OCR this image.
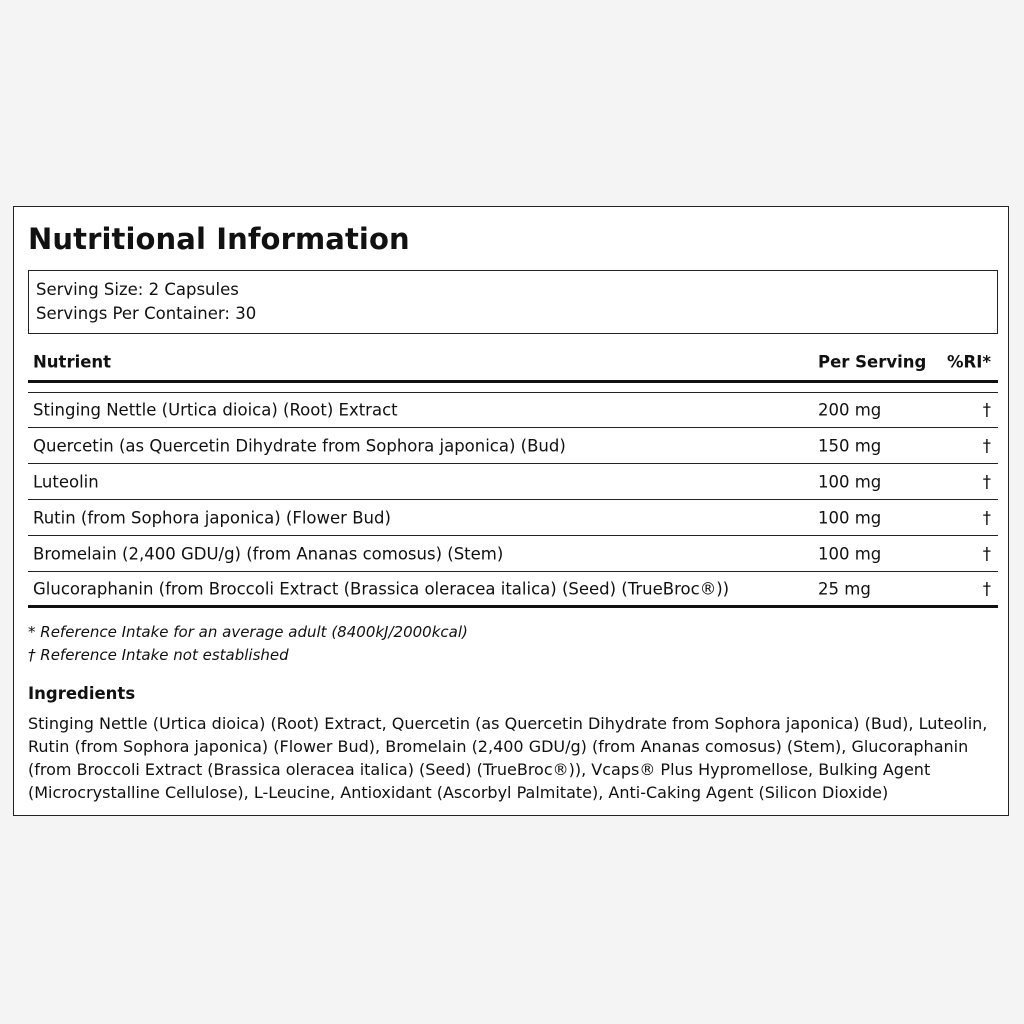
Nutritional Information
Serving Size: 2 Capsules
Servings Per Container: 30
Nutrient	Per Serving %RI*
Stinging Nettle (Urtica dioica) (Root) Extract	200 mg	†
Quercetin (as Quercetin Dihydrate from Sophora japonica) (Bud)	150 mg	†
Luteolin	100 mg	†
Rutin (from Sophora japonica) (Flower Bud)	100 mg	†
Bromelain (2,400 GDU/g) (from Ananas comosus) (Stem)	100 mg	†
Glucoraphanin (from Broccoli Extract (Brassica oleracea italica) (Seed) (TrueBroc®))	25 mg	†
* Reference Intake for an average adult (8400kJ/2000kcal)
† Reference Intake not established
Ingredients

Stinging Nettle (Urtica dioica) (Root) Extract, Quercetin (as Quercetin Dihydrate from Sophora japonica) (Bud), Luteolin, Rutin (from Sophora japonica) (Flower Bud), Bromelain (2,400 GDU/g) (from Ananas comosus) (Stem), Glucoraphanin (from Broccoli Extract (Brassica oleracea italica) (Seed) (TrueBroc®)), Vcaps® Plus Hypromellose, Bulking Agent (Microcrystalline Cellulose), L-Leucine, Antioxidant (Ascorbyl Palmitate), Anti-Caking Agent (Silicon Dioxide)
